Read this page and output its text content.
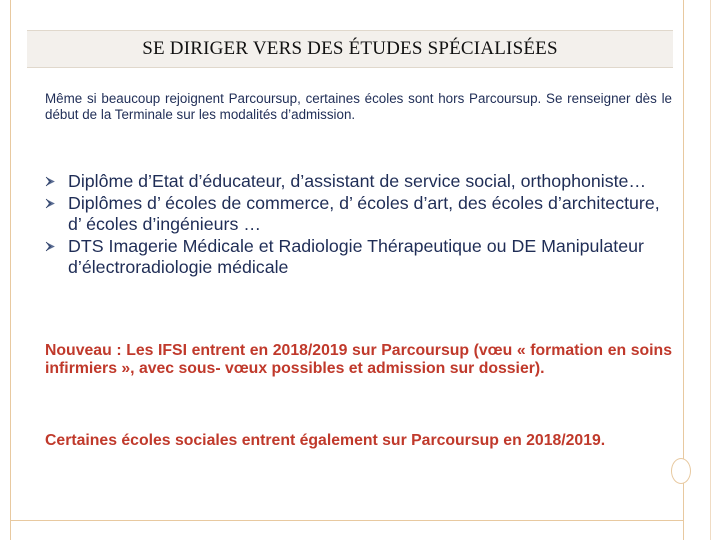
SE DIRIGER VERS DES ÉTUDES SPÉCIALISÉES
Même si beaucoup rejoignent Parcoursup, certaines écoles sont hors Parcoursup. Se renseigner dès le début de la Terminale sur les modalités d’admission.
Diplôme d’Etat d’éducateur, d’assistant de service social, orthophoniste…
Diplômes d’ écoles de commerce, d’ écoles d’art, des écoles d’architecture, d’ écoles d’ingénieurs …
DTS Imagerie Médicale et Radiologie Thérapeutique ou DE Manipulateur d’électroradiologie médicale
Nouveau : Les IFSI entrent en 2018/2019 sur Parcoursup (vœu « formation en soins infirmiers », avec sous- vœux possibles et admission sur dossier).
Certaines écoles sociales entrent également sur Parcoursup en 2018/2019.
